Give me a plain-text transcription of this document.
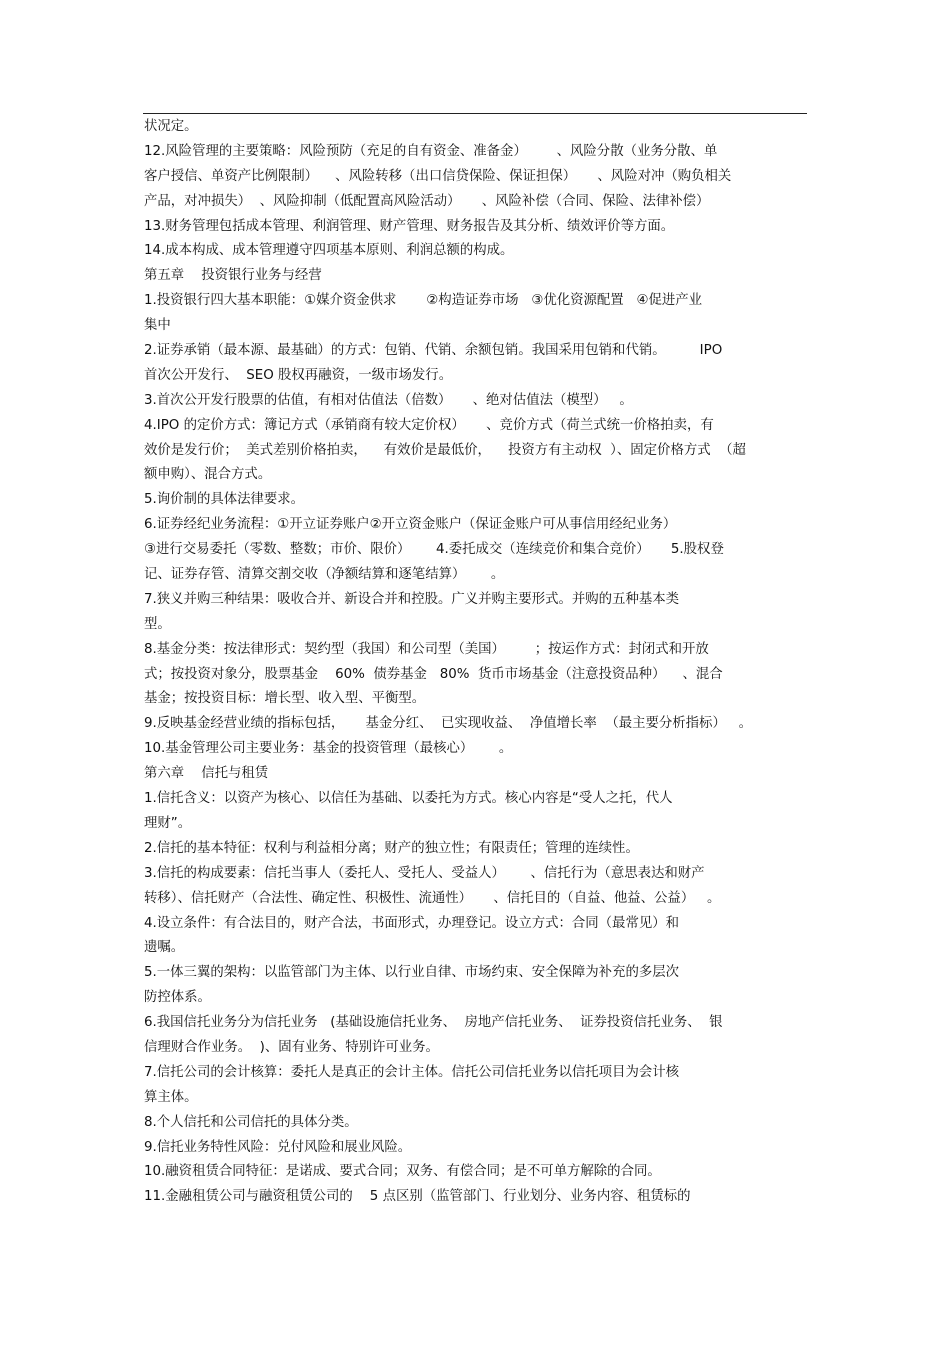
状况定。
12.风险管理的主要策略：风险预防（充足的自有资金、准备金）       、风险分散（业务分散、单
客户授信、单资产比例限制）    、风险转移（出口信贷保险、保证担保）     、风险对冲（购负相关
产品，对冲损失）  、风险抑制（低配置高风险活动）     、风险补偿（合同、保险、法律补偿）
13.财务管理包括成本管理、利润管理、财产管理、财务报告及其分析、绩效评价等方面。
14.成本构成、成本管理遵守四项基本原则、利润总额的构成。
第五章    投资银行业务与经营
1.投资银行四大基本职能：①媒介资金供求       ②构造证券市场   ③优化资源配置   ④促进产业
集中
2.证券承销（最本源、最基础）的方式：包销、代销、余额包销。我国采用包销和代销。        IPO
首次公开发行、  SEO 股权再融资，一级市场发行。
3.首次公开发行股票的估值，有相对估值法（倍数）     、绝对估值法（模型）   。
4.IPO 的定价方式：簿记方式（承销商有较大定价权）     、竞价方式（荷兰式统一价格拍卖，有
效价是发行价；  美式差别价格拍卖，    有效价是最低价，    投资方有主动权  ）、固定价格方式  （超
额申购）、混合方式。
5.询价制的具体法律要求。
6.证券经纪业务流程：①开立证券账户②开立资金账户（保证金账户可从事信用经纪业务）
③进行交易委托（零数、整数；市价、限价）      4.委托成交（连续竞价和集合竞价）     5.股权登
记、证券存管、清算交割交收（净额结算和逐笔结算）      。
7.狭义并购三种结果：吸收合并、新设合并和控股。广义并购主要形式。并购的五种基本类
型。
8.基金分类：按法律形式：契约型（我国）和公司型（美国）       ；按运作方式：封闭式和开放
式；按投资对象分，股票基金    60%  债券基金   80%  货币市场基金（注意投资品种）    、混合
基金；按投资目标：增长型、收入型、平衡型。
9.反映基金经营业绩的指标包括，     基金分红、  已实现收益、  净值增长率  （最主要分析指标）   。
10.基金管理公司主要业务：基金的投资管理（最核心）      。
第六章    信托与租赁
1.信托含义：以资产为核心、以信任为基础、以委托为方式。核心内容是“受人之托，代人
理财”。
2.信托的基本特征：权利与利益相分离；财产的独立性；有限责任；管理的连续性。
3.信托的构成要素：信托当事人（委托人、受托人、受益人）      、信托行为（意思表达和财产
转移）、信托财产（合法性、确定性、积极性、流通性）     、信托目的（自益、他益、公益）   。
4.设立条件：有合法目的，财产合法，书面形式，办理登记。设立方式：合同（最常见）和
遗嘱。
5.一体三翼的架构：以监管部门为主体、以行业自律、市场约束、安全保障为补充的多层次
防控体系。
6.我国信托业务分为信托业务   (基础设施信托业务、  房地产信托业务、  证券投资信托业务、  银
信理财合作业务。  )、固有业务、特别许可业务。
7.信托公司的会计核算：委托人是真正的会计主体。信托公司信托业务以信托项目为会计核
算主体。
8.个人信托和公司信托的具体分类。
9.信托业务特性风险：兑付风险和展业风险。
10.融资租赁合同特征：是诺成、要式合同；双务、有偿合同；是不可单方解除的合同。
11.金融租赁公司与融资租赁公司的    5 点区别（监管部门、行业划分、业务内容、租赁标的
